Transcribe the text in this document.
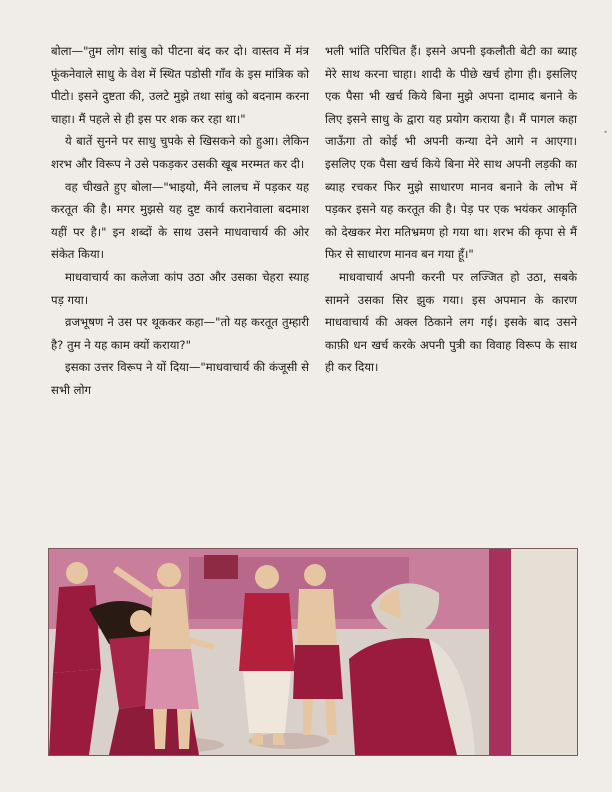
बोला—"तुम लोग सांबु को पीटना बंद कर दो। वास्तव में मंत्र फूंकनेवाले साधु के वेश में स्थित पडोसी गाँव के इस मांत्रिक को पीटो। इसने दुष्टता की, उलटे मुझे तथा सांबु को बदनाम करना चाहा। मैं पहले से ही इस पर शक कर रहा था।"

ये बातें सुनने पर साधु चुपके से खिसकने को हुआ। लेकिन शरभ और विरूप ने उसे पकड़कर उसकी खूब मरम्मत कर दी।

वह चीखते हुए बोला—"भाइयो, मैंने लालच में पड़कर यह करतूत की है। मगर मुझसे यह दुष्ट कार्य करानेवाला बदमाश यहीं पर है।" इन शब्दों के साथ उसने माधवाचार्य की ओर संकेत किया।

माधवाचार्य का कलेजा कांप उठा और उसका चेहरा स्याह पड़ गया।

व्रजभूषण ने उस पर थूककर कहा—"तो यह करतूत तुम्हारी है? तुम ने यह काम क्यों कराया?"

इसका उत्तर विरूप ने यों दिया—"माधवाचार्य की कंजूसी से सभी लोग

भली भांति परिचित हैं। इसने अपनी इकलौती बेटी का ब्याह मेरे साथ करना चाहा। शादी के पीछे खर्च होगा ही। इसलिए एक पैसा भी खर्च किये बिना मुझे अपना दामाद बनाने के लिए इसने साधु के द्वारा यह प्रयोग कराया है। मैं पागल कहा जाऊँगा तो कोई भी अपनी कन्या देने आगे न आएगा। इसलिए एक पैसा खर्च किये बिना मेरे साथ अपनी लड़की का ब्याह रचकर फिर मुझे साधारण मानव बनाने के लोभ में पड़कर इसने यह करतूत की है। पेड़ पर एक भयंकर आकृति को देखकर मेरा मतिभ्रमण हो गया था। शरभ की कृपा से मैं फिर से साधारण मानव बन गया हूँ।"

माधवाचार्य अपनी करनी पर लज्जित हो उठा, सबके सामने उसका सिर झुक गया। इस अपमान के कारण माधवाचार्य की अक्ल ठिकाने लग गई। इसके बाद उसने काफ़ी धन खर्च करके अपनी पुत्री का विवाह विरूप के साथ ही कर दिया।

•
